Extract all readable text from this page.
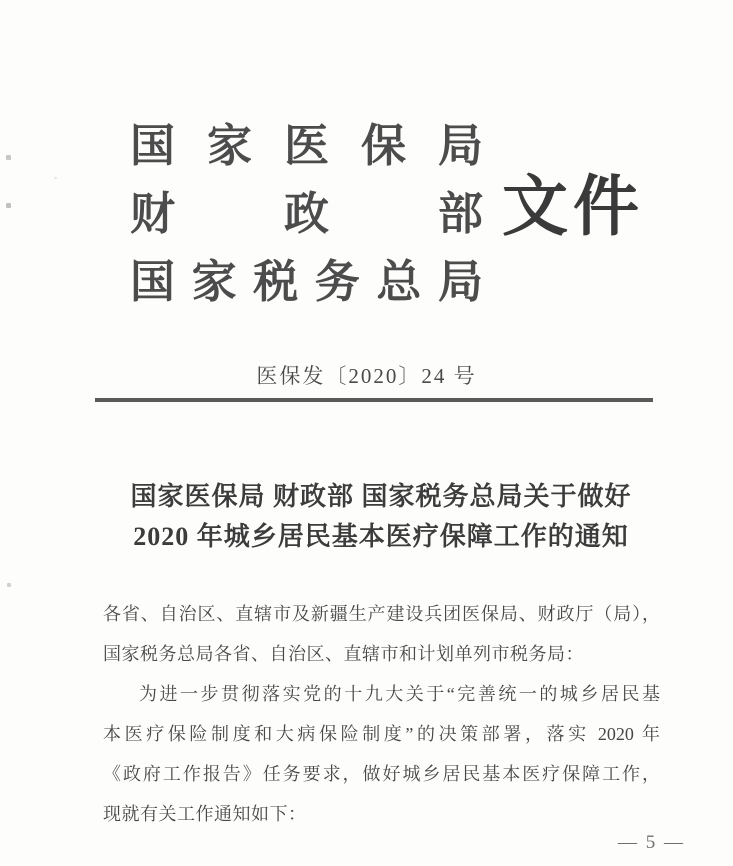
国 家 医 保 局
财 政 部
国 家 税 务 总 局
文件
医保发〔2020〕24 号
国家医保局 财政部 国家税务总局关于做好
2020 年城乡居民基本医疗保障工作的通知
各省、自治区、直辖市及新疆生产建设兵团医保局、财政厅（局），
国家税务总局各省、自治区、直辖市和计划单列市税务局：
为进一步贯彻落实党的十九大关于“完善统一的城乡居民基
本医疗保险制度和大病保险制度”的决策部署，落实 2020 年
《政府工作报告》任务要求，做好城乡居民基本医疗保障工作，
现就有关工作通知如下：
— 5 —
